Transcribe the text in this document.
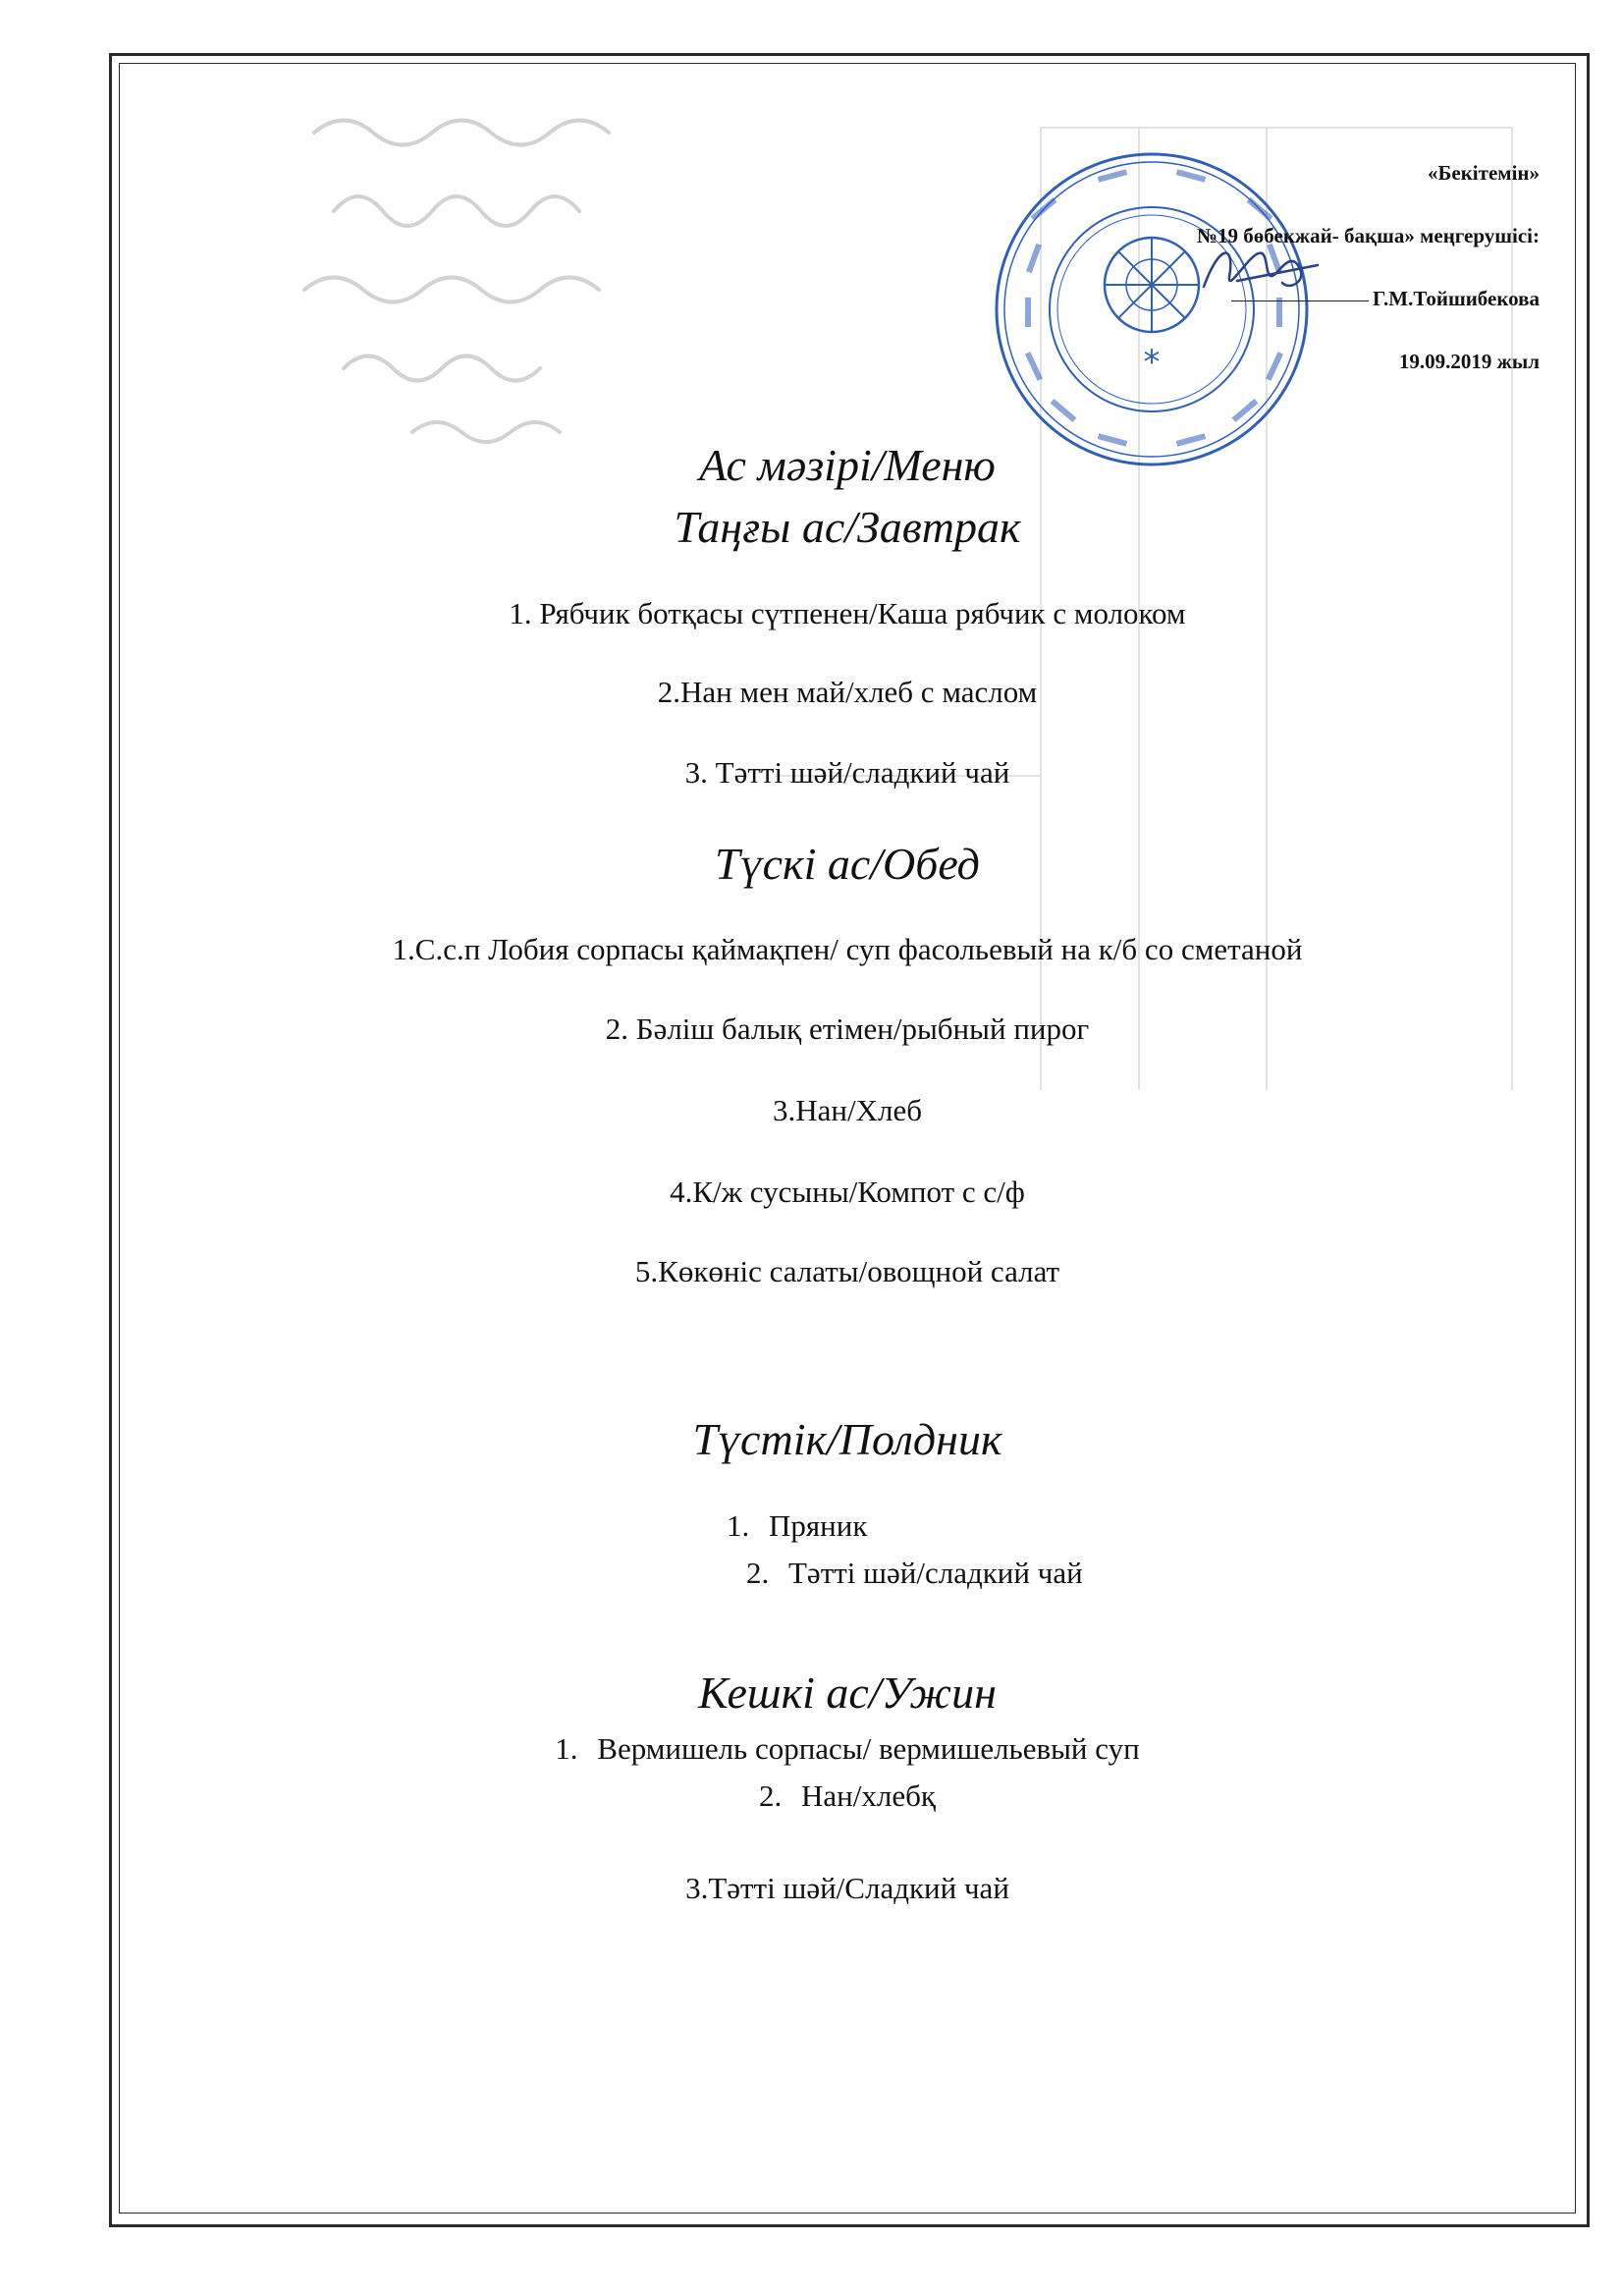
*
«Бекітемін»
№19 бөбекжай- бақша» меңгерушісі:
Г.М.Тойшибекова
19.09.2019 жыл
Ас мәзірі/Меню
Таңғы ас/Завтрак
1. Рябчик ботқасы сүтпенен/Каша рябчик с молоком
2.Нан мен май/хлеб с маслом
3. Тәтті шәй/сладкий чай
Түскі ас/Обед
1.С.с.п Лобия сорпасы қаймақпен/ суп фасольевый на к/б со сметаной
2. Бәліш балық етімен/рыбный пирог
3.Нан/Хлеб
4.К/ж сусыны/Компот с с/ф
5.Көкөніс салаты/овощной салат
Түстік/Полдник
1. Пряник
2. Тәтті шәй/сладкий чай
Кешкі ас/Ужин
1. Вермишель сорпасы/ вермишельевый суп
2. Нан/хлебқ
3.Тәтті шәй/Сладкий чай
